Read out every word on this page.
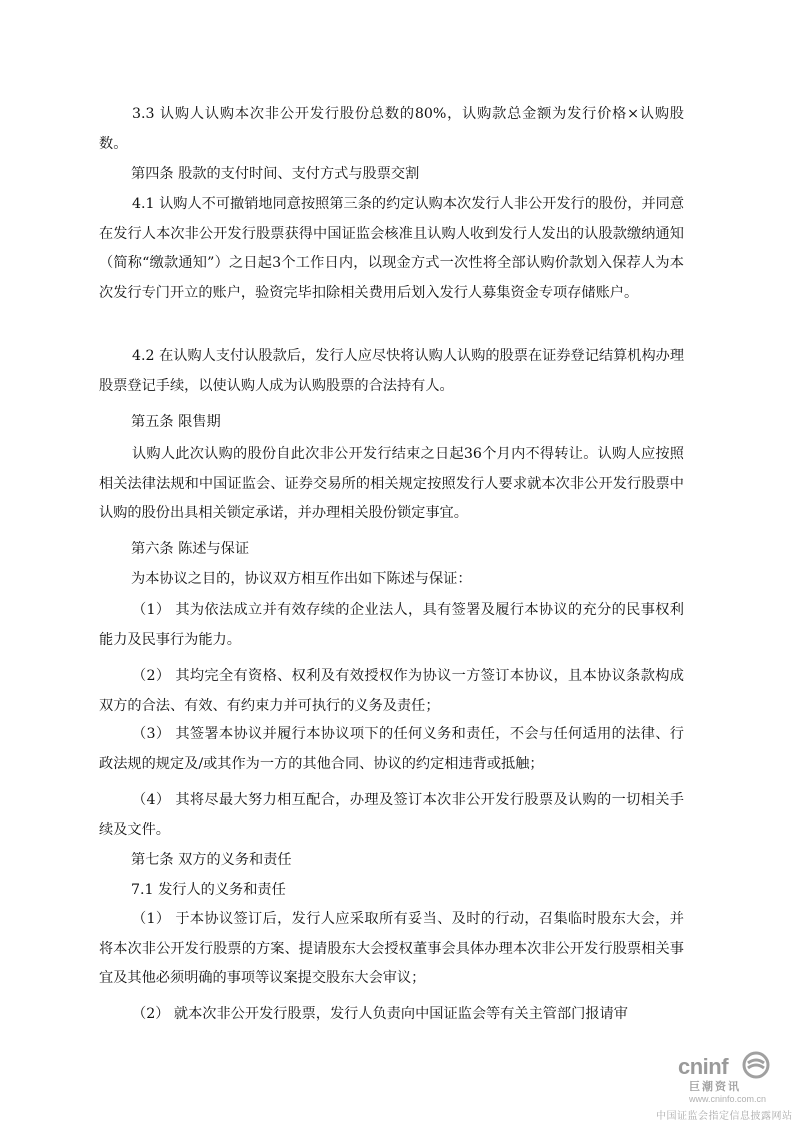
3.3 认购人认购本次非公开发行股份总数的80%，认购款总金额为发行价格×认购股数。

第四条 股款的支付时间、支付方式与股票交割

4.1 认购人不可撤销地同意按照第三条的约定认购本次发行人非公开发行的股份，并同意在发行人本次非公开发行股票获得中国证监会核准且认购人收到发行人发出的认股款缴纳通知（简称“缴款通知”）之日起3个工作日内，以现金方式一次性将全部认购价款划入保荐人为本次发行专门开立的账户，验资完毕扣除相关费用后划入发行人募集资金专项存储账户。

4.2 在认购人支付认股款后，发行人应尽快将认购人认购的股票在证券登记结算机构办理股票登记手续，以使认购人成为认购股票的合法持有人。

第五条 限售期

认购人此次认购的股份自此次非公开发行结束之日起36个月内不得转让。认购人应按照相关法律法规和中国证监会、证券交易所的相关规定按照发行人要求就本次非公开发行股票中认购的股份出具相关锁定承诺，并办理相关股份锁定事宜。

第六条 陈述与保证

为本协议之目的，协议双方相互作出如下陈述与保证：

（1） 其为依法成立并有效存续的企业法人，具有签署及履行本协议的充分的民事权利能力及民事行为能力。

（2） 其均完全有资格、权利及有效授权作为协议一方签订本协议，且本协议条款构成双方的合法、有效、有约束力并可执行的义务及责任；

（3） 其签署本协议并履行本协议项下的任何义务和责任，不会与任何适用的法律、行政法规的规定及/或其作为一方的其他合同、协议的约定相违背或抵触；

（4） 其将尽最大努力相互配合，办理及签订本次非公开发行股票及认购的一切相关手续及文件。

第七条 双方的义务和责任

7.1 发行人的义务和责任

（1） 于本协议签订后，发行人应采取所有妥当、及时的行动，召集临时股东大会，并将本次非公开发行股票的方案、提请股东大会授权董事会具体办理本次非公开发行股票相关事宜及其他必须明确的事项等议案提交股东大会审议；

（2） 就本次非公开发行股票，发行人负责向中国证监会等有关主管部门报请审

cninf
巨潮资讯
www.cninfo.com.cn
中国证监会指定信息披露网站
